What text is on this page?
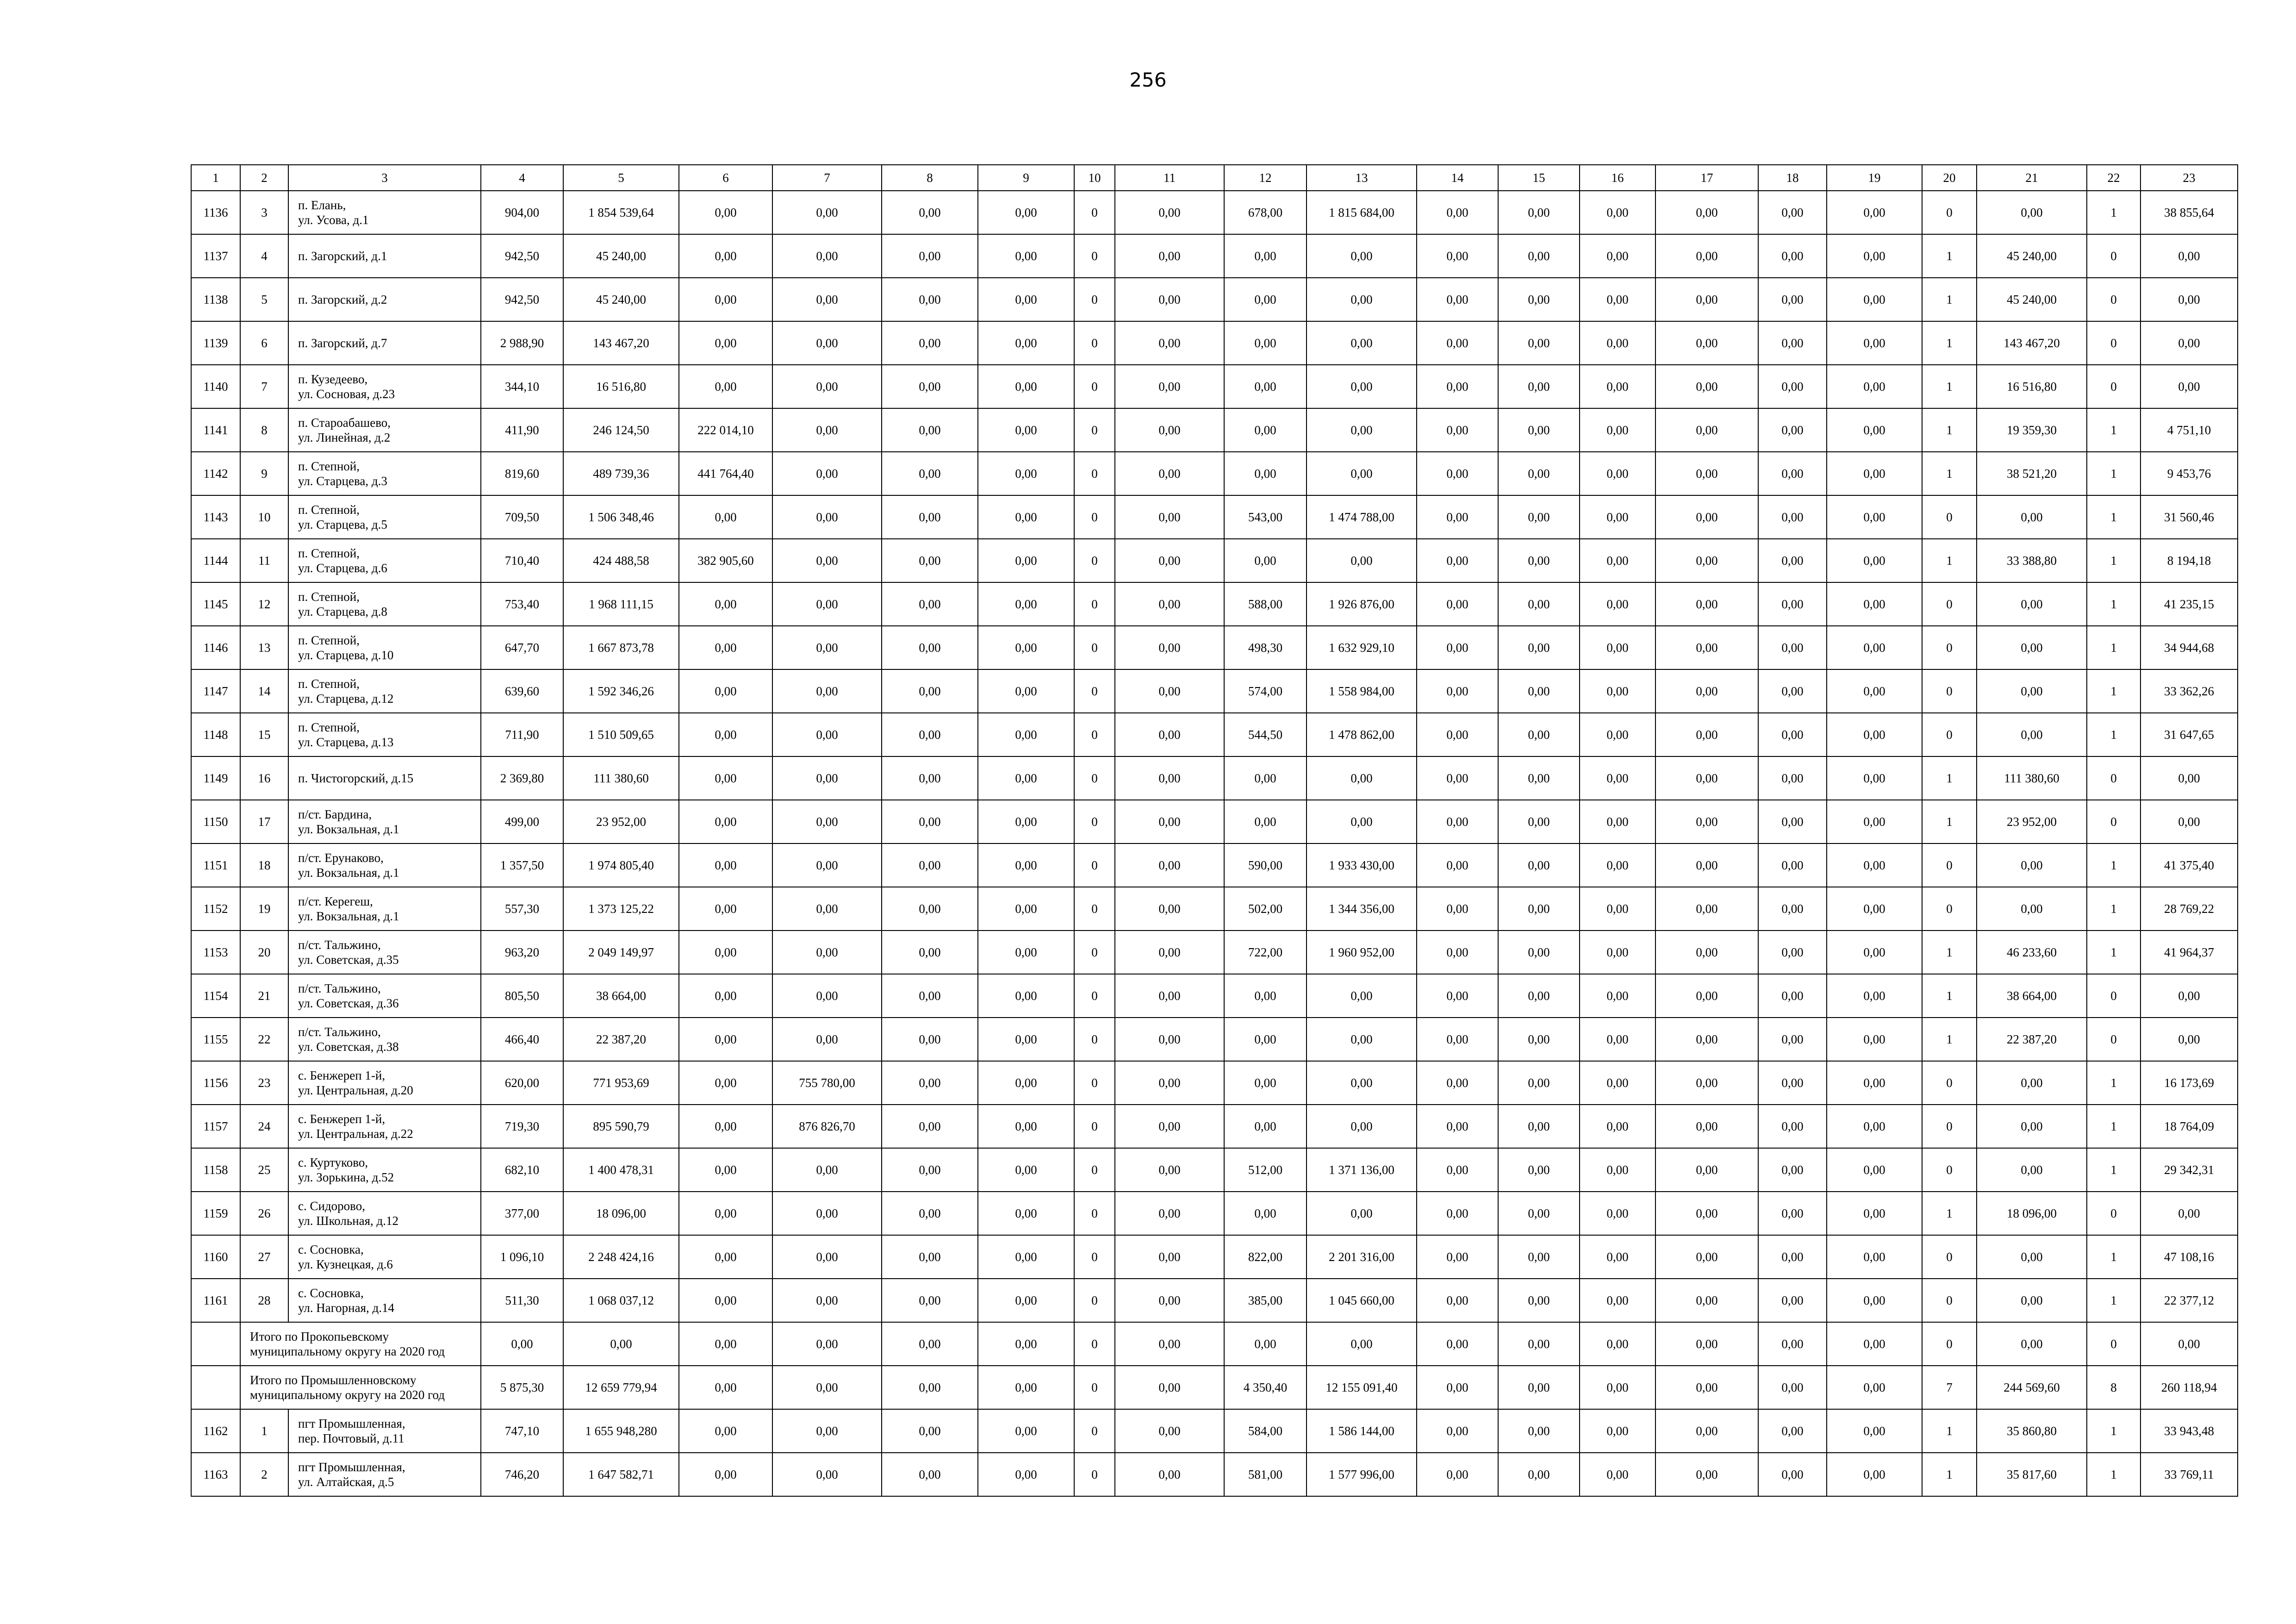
256
1	2	3	4	5	6	7	8	9	10	11	12	13	14	15	16	17	18	19	20	21	22	23
1136	3	п. Елань,
ул. Усова, д.1	904,00	1 854 539,64	0,00	0,00	0,00	0,00	0	0,00	678,00	1 815 684,00	0,00	0,00	0,00	0,00	0,00	0,00	0	0,00	1	38 855,64
1137	4	п. Загорский, д.1	942,50	45 240,00	0,00	0,00	0,00	0,00	0	0,00	0,00	0,00	0,00	0,00	0,00	0,00	0,00	0,00	1	45 240,00	0	0,00
1138	5	п. Загорский, д.2	942,50	45 240,00	0,00	0,00	0,00	0,00	0	0,00	0,00	0,00	0,00	0,00	0,00	0,00	0,00	0,00	1	45 240,00	0	0,00
1139	6	п. Загорский, д.7	2 988,90	143 467,20	0,00	0,00	0,00	0,00	0	0,00	0,00	0,00	0,00	0,00	0,00	0,00	0,00	0,00	1	143 467,20	0	0,00
1140	7	п. Кузедеево,
ул. Сосновая, д.23	344,10	16 516,80	0,00	0,00	0,00	0,00	0	0,00	0,00	0,00	0,00	0,00	0,00	0,00	0,00	0,00	1	16 516,80	0	0,00
1141	8	п. Староабашево,
ул. Линейная, д.2	411,90	246 124,50	222 014,10	0,00	0,00	0,00	0	0,00	0,00	0,00	0,00	0,00	0,00	0,00	0,00	0,00	1	19 359,30	1	4 751,10
1142	9	п. Степной,
ул. Старцева, д.3	819,60	489 739,36	441 764,40	0,00	0,00	0,00	0	0,00	0,00	0,00	0,00	0,00	0,00	0,00	0,00	0,00	1	38 521,20	1	9 453,76
1143	10	п. Степной,
ул. Старцева, д.5	709,50	1 506 348,46	0,00	0,00	0,00	0,00	0	0,00	543,00	1 474 788,00	0,00	0,00	0,00	0,00	0,00	0,00	0	0,00	1	31 560,46
1144	11	п. Степной,
ул. Старцева, д.6	710,40	424 488,58	382 905,60	0,00	0,00	0,00	0	0,00	0,00	0,00	0,00	0,00	0,00	0,00	0,00	0,00	1	33 388,80	1	8 194,18
1145	12	п. Степной,
ул. Старцева, д.8	753,40	1 968 111,15	0,00	0,00	0,00	0,00	0	0,00	588,00	1 926 876,00	0,00	0,00	0,00	0,00	0,00	0,00	0	0,00	1	41 235,15
1146	13	п. Степной,
ул. Старцева, д.10	647,70	1 667 873,78	0,00	0,00	0,00	0,00	0	0,00	498,30	1 632 929,10	0,00	0,00	0,00	0,00	0,00	0,00	0	0,00	1	34 944,68
1147	14	п. Степной,
ул. Старцева, д.12	639,60	1 592 346,26	0,00	0,00	0,00	0,00	0	0,00	574,00	1 558 984,00	0,00	0,00	0,00	0,00	0,00	0,00	0	0,00	1	33 362,26
1148	15	п. Степной,
ул. Старцева, д.13	711,90	1 510 509,65	0,00	0,00	0,00	0,00	0	0,00	544,50	1 478 862,00	0,00	0,00	0,00	0,00	0,00	0,00	0	0,00	1	31 647,65
1149	16	п. Чистогорский, д.15	2 369,80	111 380,60	0,00	0,00	0,00	0,00	0	0,00	0,00	0,00	0,00	0,00	0,00	0,00	0,00	0,00	1	111 380,60	0	0,00
1150	17	п/ст. Бардина,
ул. Вокзальная, д.1	499,00	23 952,00	0,00	0,00	0,00	0,00	0	0,00	0,00	0,00	0,00	0,00	0,00	0,00	0,00	0,00	1	23 952,00	0	0,00
1151	18	п/ст. Ерунаково,
ул. Вокзальная, д.1	1 357,50	1 974 805,40	0,00	0,00	0,00	0,00	0	0,00	590,00	1 933 430,00	0,00	0,00	0,00	0,00	0,00	0,00	0	0,00	1	41 375,40
1152	19	п/ст. Керегеш,
ул. Вокзальная, д.1	557,30	1 373 125,22	0,00	0,00	0,00	0,00	0	0,00	502,00	1 344 356,00	0,00	0,00	0,00	0,00	0,00	0,00	0	0,00	1	28 769,22
1153	20	п/ст. Тальжино,
ул. Советская, д.35	963,20	2 049 149,97	0,00	0,00	0,00	0,00	0	0,00	722,00	1 960 952,00	0,00	0,00	0,00	0,00	0,00	0,00	1	46 233,60	1	41 964,37
1154	21	п/ст. Тальжино,
ул. Советская, д.36	805,50	38 664,00	0,00	0,00	0,00	0,00	0	0,00	0,00	0,00	0,00	0,00	0,00	0,00	0,00	0,00	1	38 664,00	0	0,00
1155	22	п/ст. Тальжино,
ул. Советская, д.38	466,40	22 387,20	0,00	0,00	0,00	0,00	0	0,00	0,00	0,00	0,00	0,00	0,00	0,00	0,00	0,00	1	22 387,20	0	0,00
1156	23	с. Бенжереп 1-й,
ул. Центральная, д.20	620,00	771 953,69	0,00	755 780,00	0,00	0,00	0	0,00	0,00	0,00	0,00	0,00	0,00	0,00	0,00	0,00	0	0,00	1	16 173,69
1157	24	с. Бенжереп 1-й,
ул. Центральная, д.22	719,30	895 590,79	0,00	876 826,70	0,00	0,00	0	0,00	0,00	0,00	0,00	0,00	0,00	0,00	0,00	0,00	0	0,00	1	18 764,09
1158	25	с. Куртуково,
ул. Зорькина, д.52	682,10	1 400 478,31	0,00	0,00	0,00	0,00	0	0,00	512,00	1 371 136,00	0,00	0,00	0,00	0,00	0,00	0,00	0	0,00	1	29 342,31
1159	26	с. Сидорово,
ул. Школьная, д.12	377,00	18 096,00	0,00	0,00	0,00	0,00	0	0,00	0,00	0,00	0,00	0,00	0,00	0,00	0,00	0,00	1	18 096,00	0	0,00
1160	27	с. Сосновка,
ул. Кузнецкая, д.6	1 096,10	2 248 424,16	0,00	0,00	0,00	0,00	0	0,00	822,00	2 201 316,00	0,00	0,00	0,00	0,00	0,00	0,00	0	0,00	1	47 108,16
1161	28	с. Сосновка,
ул. Нагорная, д.14	511,30	1 068 037,12	0,00	0,00	0,00	0,00	0	0,00	385,00	1 045 660,00	0,00	0,00	0,00	0,00	0,00	0,00	0	0,00	1	22 377,12
	Итого по Прокопьевскому
муниципальному округу на 2020 год		0,00	0,00	0,00	0,00	0,00	0,00	0	0,00	0,00	0,00	0,00	0,00	0,00	0,00	0,00	0,00	0	0,00	0	0,00
	Итого по Промышленновскому
муниципальному округу на 2020 год		5 875,30	12 659 779,94	0,00	0,00	0,00	0,00	0	0,00	4 350,40	12 155 091,40	0,00	0,00	0,00	0,00	0,00	0,00	7	244 569,60	8	260 118,94
1162	1	пгт Промышленная,
пер. Почтовый, д.11	747,10	1 655 948,280	0,00	0,00	0,00	0,00	0	0,00	584,00	1 586 144,00	0,00	0,00	0,00	0,00	0,00	0,00	1	35 860,80	1	33 943,48
1163	2	пгт Промышленная,
ул. Алтайская, д.5	746,20	1 647 582,71	0,00	0,00	0,00	0,00	0	0,00	581,00	1 577 996,00	0,00	0,00	0,00	0,00	0,00	0,00	1	35 817,60	1	33 769,11
